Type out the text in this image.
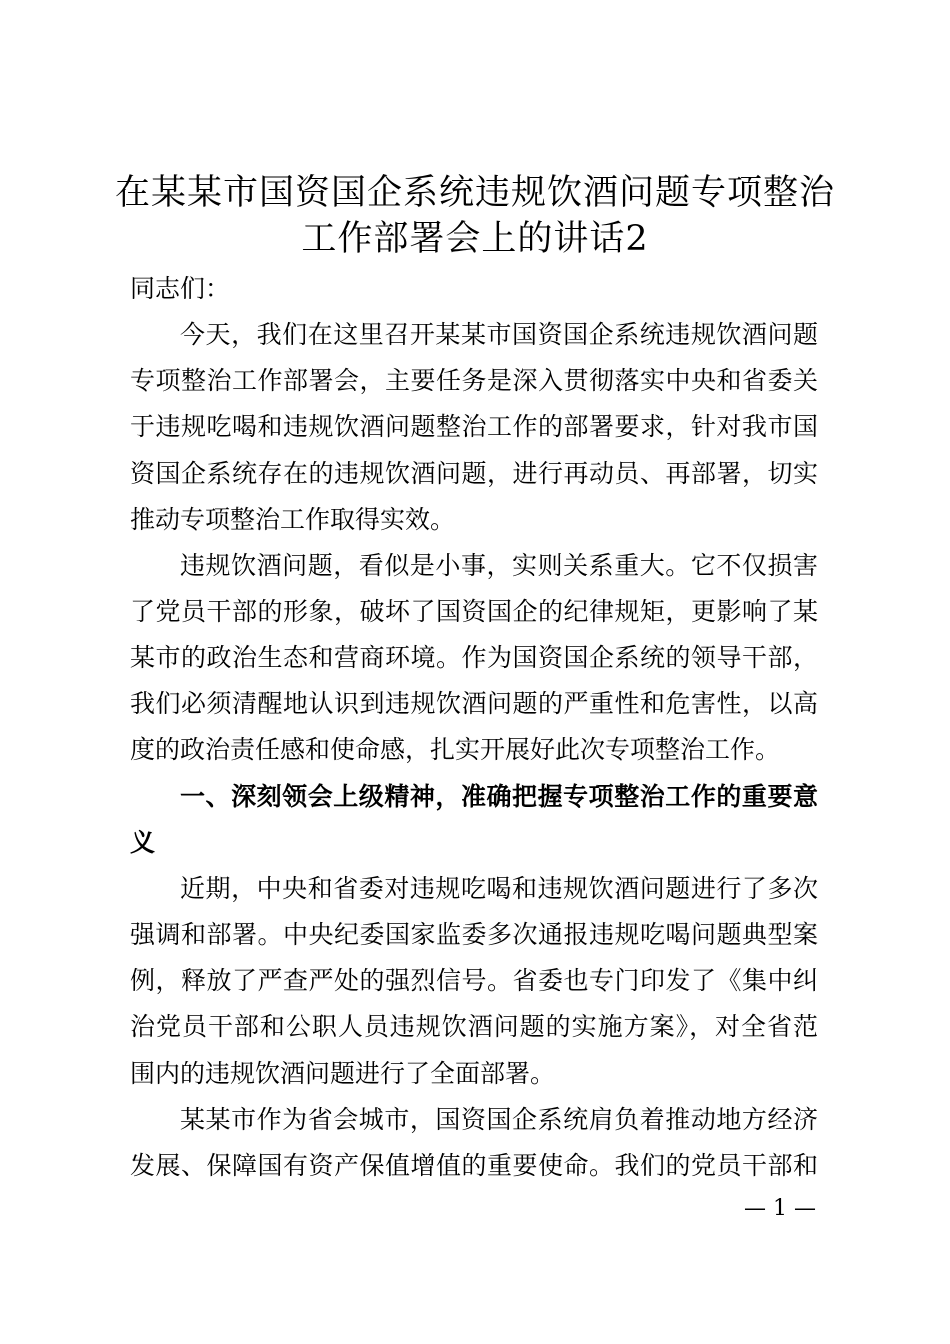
在某某市国资国企系统违规饮酒问题专项整治
工作部署会上的讲话2

同志们：

今天，我们在这里召开某某市国资国企系统违规饮酒问题

专项整治工作部署会，主要任务是深入贯彻落实中央和省委关

于违规吃喝和违规饮酒问题整治工作的部署要求，针对我市国

资国企系统存在的违规饮酒问题，进行再动员、再部署，切实

推动专项整治工作取得实效。

违规饮酒问题，看似是小事，实则关系重大。它不仅损害

了党员干部的形象，破坏了国资国企的纪律规矩，更影响了某

某市的政治生态和营商环境。作为国资国企系统的领导干部，

我们必须清醒地认识到违规饮酒问题的严重性和危害性，以高

度的政治责任感和使命感，扎实开展好此次专项整治工作。

一、深刻领会上级精神，准确把握专项整治工作的重要意

义

近期，中央和省委对违规吃喝和违规饮酒问题进行了多次

强调和部署。中央纪委国家监委多次通报违规吃喝问题典型案

例，释放了严查严处的强烈信号。省委也专门印发了《集中纠

治党员干部和公职人员违规饮酒问题的实施方案》，对全省范

围内的违规饮酒问题进行了全面部署。

某某市作为省会城市，国资国企系统肩负着推动地方经济

发展、保障国有资产保值增值的重要使命。我们的党员干部和

— 1 —
